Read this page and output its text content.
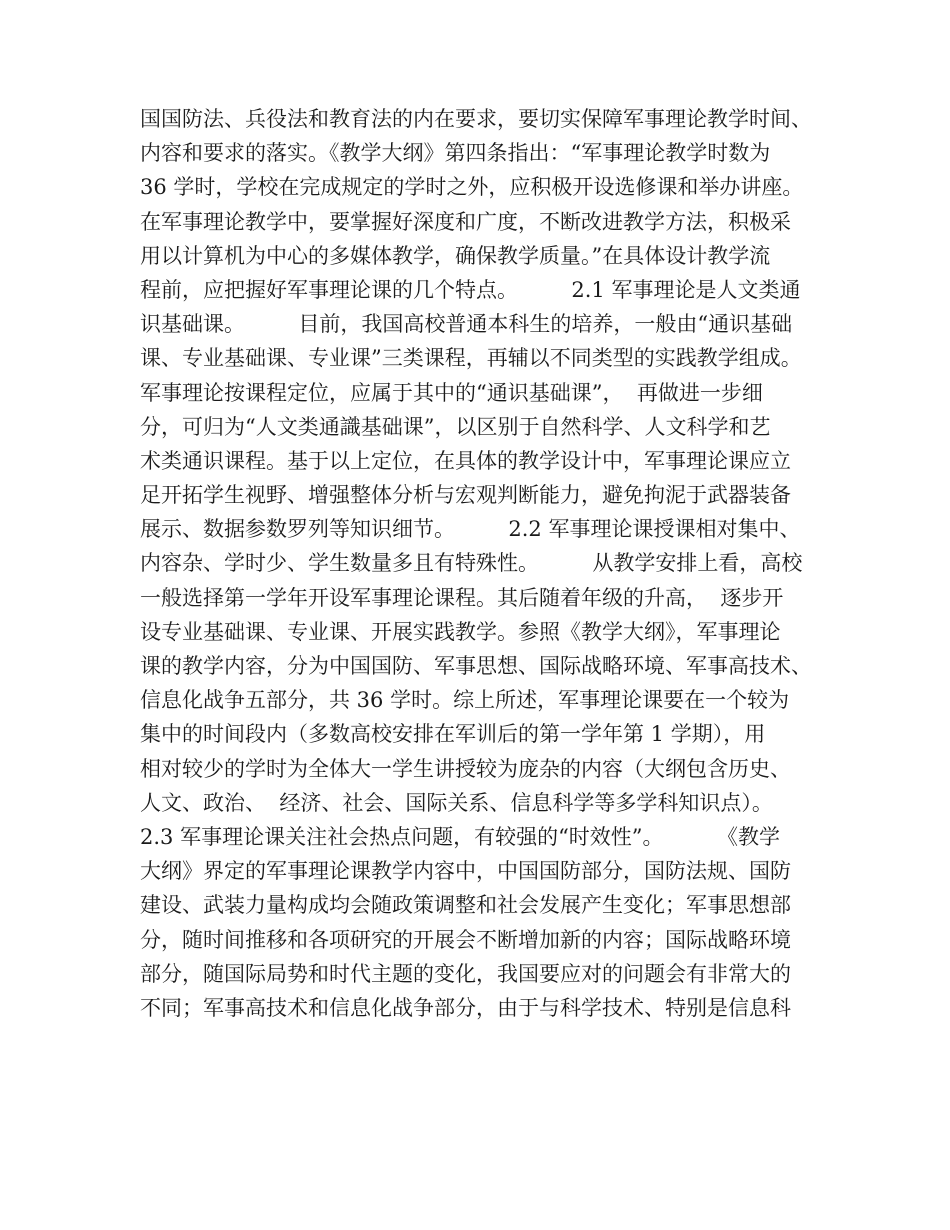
国国防法、兵役法和教育法的内在要求，要切实保障军事理论教学时间、
内容和要求的落实。《教学大纲》第四条指出：“军事理论教学时数为
36 学时，学校在完成规定的学时之外，应积极开设选修课和举办讲座。
在军事理论教学中，要掌握好深度和广度，不断改进教学方法，积极采
用以计算机为中心的多媒体教学，确保教学质量。”在具体设计教学流
程前，应把握好军事理论课的几个特点。        2.1 军事理论是人文类通
识基础课。        目前，我国高校普通本科生的培养，一般由“通识基础
课、专业基础课、专业课”三类课程，再辅以不同类型的实践教学组成。
军事理论按课程定位，应属于其中的“通识基础课”，  再做进一步细
分，可归为“人文类通識基础课”，以区别于自然科学、人文科学和艺
术类通识课程。基于以上定位，在具体的教学设计中，军事理论课应立
足开拓学生视野、增强整体分析与宏观判断能力，避免拘泥于武器装备
展示、数据参数罗列等知识细节。        2.2 军事理论课授课相对集中、
内容杂、学时少、学生数量多且有特殊性。        从教学安排上看，高校
一般选择第一学年开设军事理论课程。其后随着年级的升高，  逐步开
设专业基础课、专业课、开展实践教学。参照《教学大纲》，军事理论
课的教学内容，分为中国国防、军事思想、国际战略环境、军事高技术、
信息化战争五部分，共 36 学时。综上所述，军事理论课要在一个较为
集中的时间段内（多数高校安排在军训后的第一学年第 1 学期），用
相对较少的学时为全体大一学生讲授较为庞杂的内容（大纲包含历史、
人文、政治、  经济、社会、国际关系、信息科学等多学科知识点）。
2.3 军事理论课关注社会热点问题，有较强的“时效性”。        《教学
大纲》界定的军事理论课教学内容中，中国国防部分，国防法规、国防
建设、武装力量构成均会随政策调整和社会发展产生变化；军事思想部
分，随时间推移和各项研究的开展会不断增加新的内容；国际战略环境
部分，随国际局势和时代主题的变化，我国要应对的问题会有非常大的
不同；军事高技术和信息化战争部分，由于与科学技术、特别是信息科
